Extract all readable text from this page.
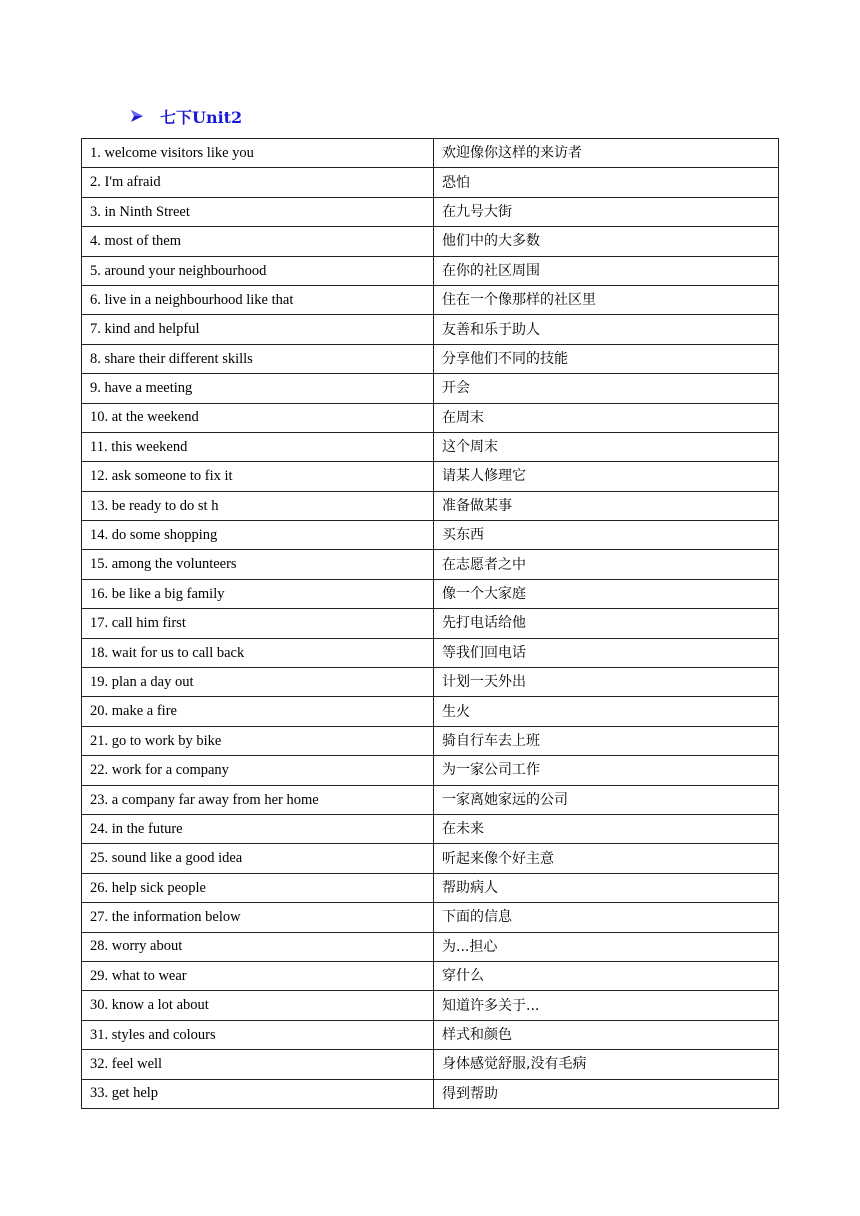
七下Unit2
1. welcome visitors like you	欢迎像你这样的来访者
2. I'm afraid	恐怕
3. in Ninth Street	在九号大街
4. most of them	他们中的大多数
5. around your neighbourhood	在你的社区周围
6. live in a neighbourhood like that	住在一个像那样的社区里
7. kind and helpful	友善和乐于助人
8. share their different skills	分享他们不同的技能
9. have a meeting	开会
10. at the weekend	在周末
11. this weekend	这个周末
12. ask someone to fix it	请某人修理它
13. be ready to do st h	准备做某事
14. do some shopping	买东西
15. among the volunteers	在志愿者之中
16. be like a big family	像一个大家庭
17. call him first	先打电话给他
18. wait for us to call back	等我们回电话
19. plan a day out	计划一天外出
20. make a fire	生火
21. go to work by bike	骑自行车去上班
22. work for a company	为一家公司工作
23. a company far away from her home	一家离她家远的公司
24. in the future	在未来
25. sound like a good idea	听起来像个好主意
26. help sick people	帮助病人
27. the information below	下面的信息
28. worry about	为...担心
29. what to wear	穿什么
30. know a lot about	知道许多关于...
31. styles and colours	样式和颜色
32. feel well	身体感觉舒服,没有毛病
33. get help	得到帮助
